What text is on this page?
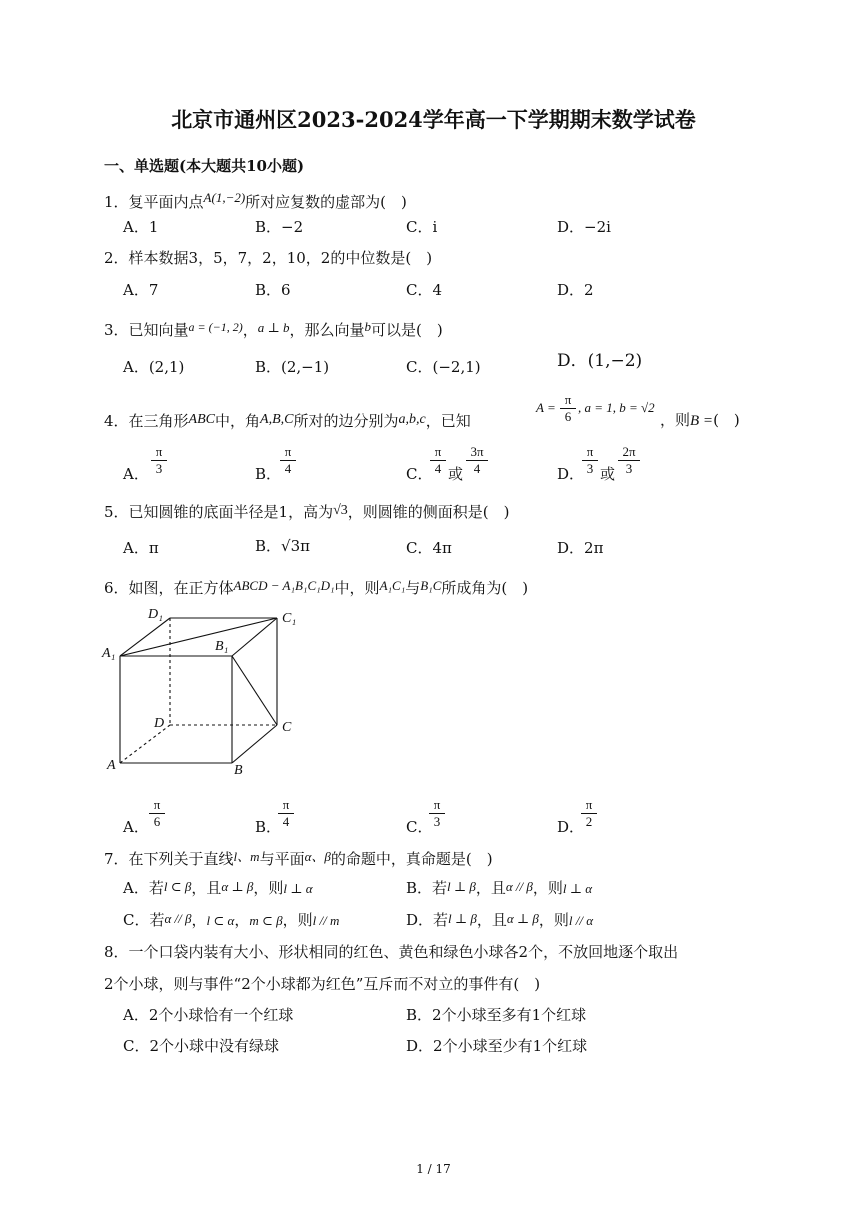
北京市通州区2023-2024学年高一下学期期末数学试卷
一、单选题(本大题共10小题)
1．复平面内点A(1,−2)所对应复数的虚部为(　)
A．1	B．−2	C．i	D．−2i
2．样本数据3，5，7，2，10，2的中位数是(　)
A．7	B．6	C．4	D．2
3．已知向量$^{a = (-1, 2)}$，a ⊥ b，那么向量b可以是(　)
A．(2,1)	B．(2,−1)	C．(−2,1)	D．(1,−2)
4．在三角形ABC中，角A,B,C所对的边分别为a,b,c，已知
A =
π
6
, a = 1, b = √2
，则B =(　)
A．
π
3	B．
π
4	C．
π
4 或
3π
4	D．
π
3 或
2π
3
5．已知圆锥的底面半径是1，高为√3，则圆锥的侧面积是(　)
A．π	B．√3π	C．4π	D．2π
6．如图，在正方体ABCD − A₁B₁C₁D₁中，则A₁C₁与B₁C所成角为(　)
D₁	C₁
A₁	B₁
D	C
A	B
A．
π
6	B．
π
4	C．
π
3	D．
π
2
7．在下列关于直线l、m与平面α、β的命题中，真命题是(　)
A．若l ⊂ β，且α ⊥ β，则l ⊥ α	B．若l ⊥ β，且α // β，则l ⊥ α
C．若α // β，l ⊂ α，m ⊂ β，则l // m	D．若l ⊥ β，且α ⊥ β，则l // α
8．一个口袋内装有大小、形状相同的红色、黄色和绿色小球各2个，不放回地逐个取出
2个小球，则与事件“2个小球都为红色”互斥而不对立的事件有(　)
A．2个小球恰有一个红球	B．2个小球至多有1个红球
C．2个小球中没有绿球	D．2个小球至少有1个红球
1 / 17
